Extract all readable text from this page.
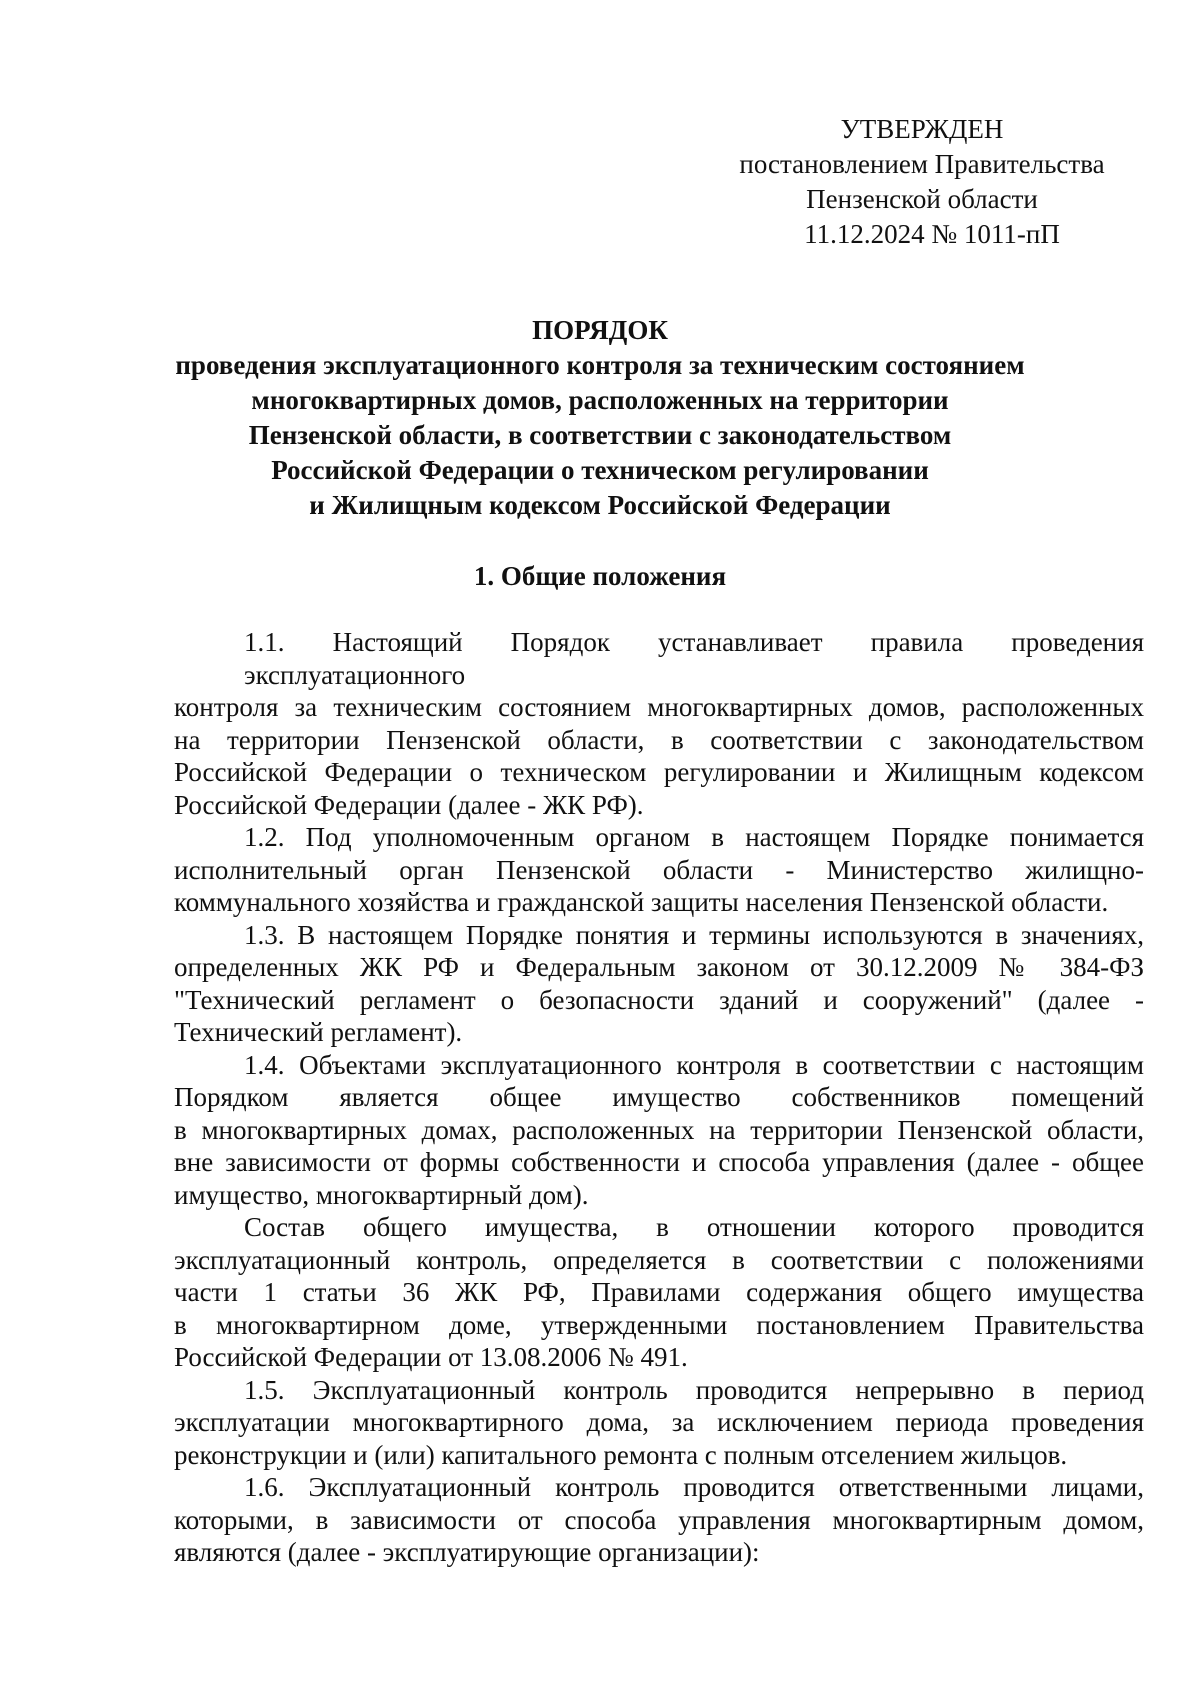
УТВЕРЖДЕН
постановлением Правительства
Пензенской области
11.12.2024 № 1011-пП
ПОРЯДОК
проведения эксплуатационного контроля за техническим состоянием
многоквартирных домов, расположенных на территории
Пензенской области, в соответствии с законодательством
Российской Федерации о техническом регулировании
и Жилищным кодексом Российской Федерации
1. Общие положения
1.1. Настоящий Порядок устанавливает правила проведения эксплуатационного
контроля за техническим состоянием многоквартирных домов, расположенных
на территории Пензенской области, в соответствии с законодательством
Российской Федерации о техническом регулировании и Жилищным кодексом
Российской Федерации (далее - ЖК РФ).
1.2. Под уполномоченным органом в настоящем Порядке понимается
исполнительный орган Пензенской области - Министерство жилищно-
коммунального хозяйства и гражданской защиты населения Пензенской области.
1.3. В настоящем Порядке понятия и термины используются в значениях,
определенных ЖК РФ и Федеральным законом от 30.12.2009 № 384-ФЗ
"Технический регламент о безопасности зданий и сооружений" (далее -
Технический регламент).
1.4. Объектами эксплуатационного контроля в соответствии с настоящим
Порядком является общее имущество собственников помещений
в многоквартирных домах, расположенных на территории Пензенской области,
вне зависимости от формы собственности и способа управления (далее - общее
имущество, многоквартирный дом).
Состав общего имущества, в отношении которого проводится
эксплуатационный контроль, определяется в соответствии с положениями
части 1 статьи 36 ЖК РФ, Правилами содержания общего имущества
в многоквартирном доме, утвержденными постановлением Правительства
Российской Федерации от 13.08.2006 № 491.
1.5. Эксплуатационный контроль проводится непрерывно в период
эксплуатации многоквартирного дома, за исключением периода проведения
реконструкции и (или) капитального ремонта с полным отселением жильцов.
1.6. Эксплуатационный контроль проводится ответственными лицами,
которыми, в зависимости от способа управления многоквартирным домом,
являются (далее - эксплуатирующие организации):
